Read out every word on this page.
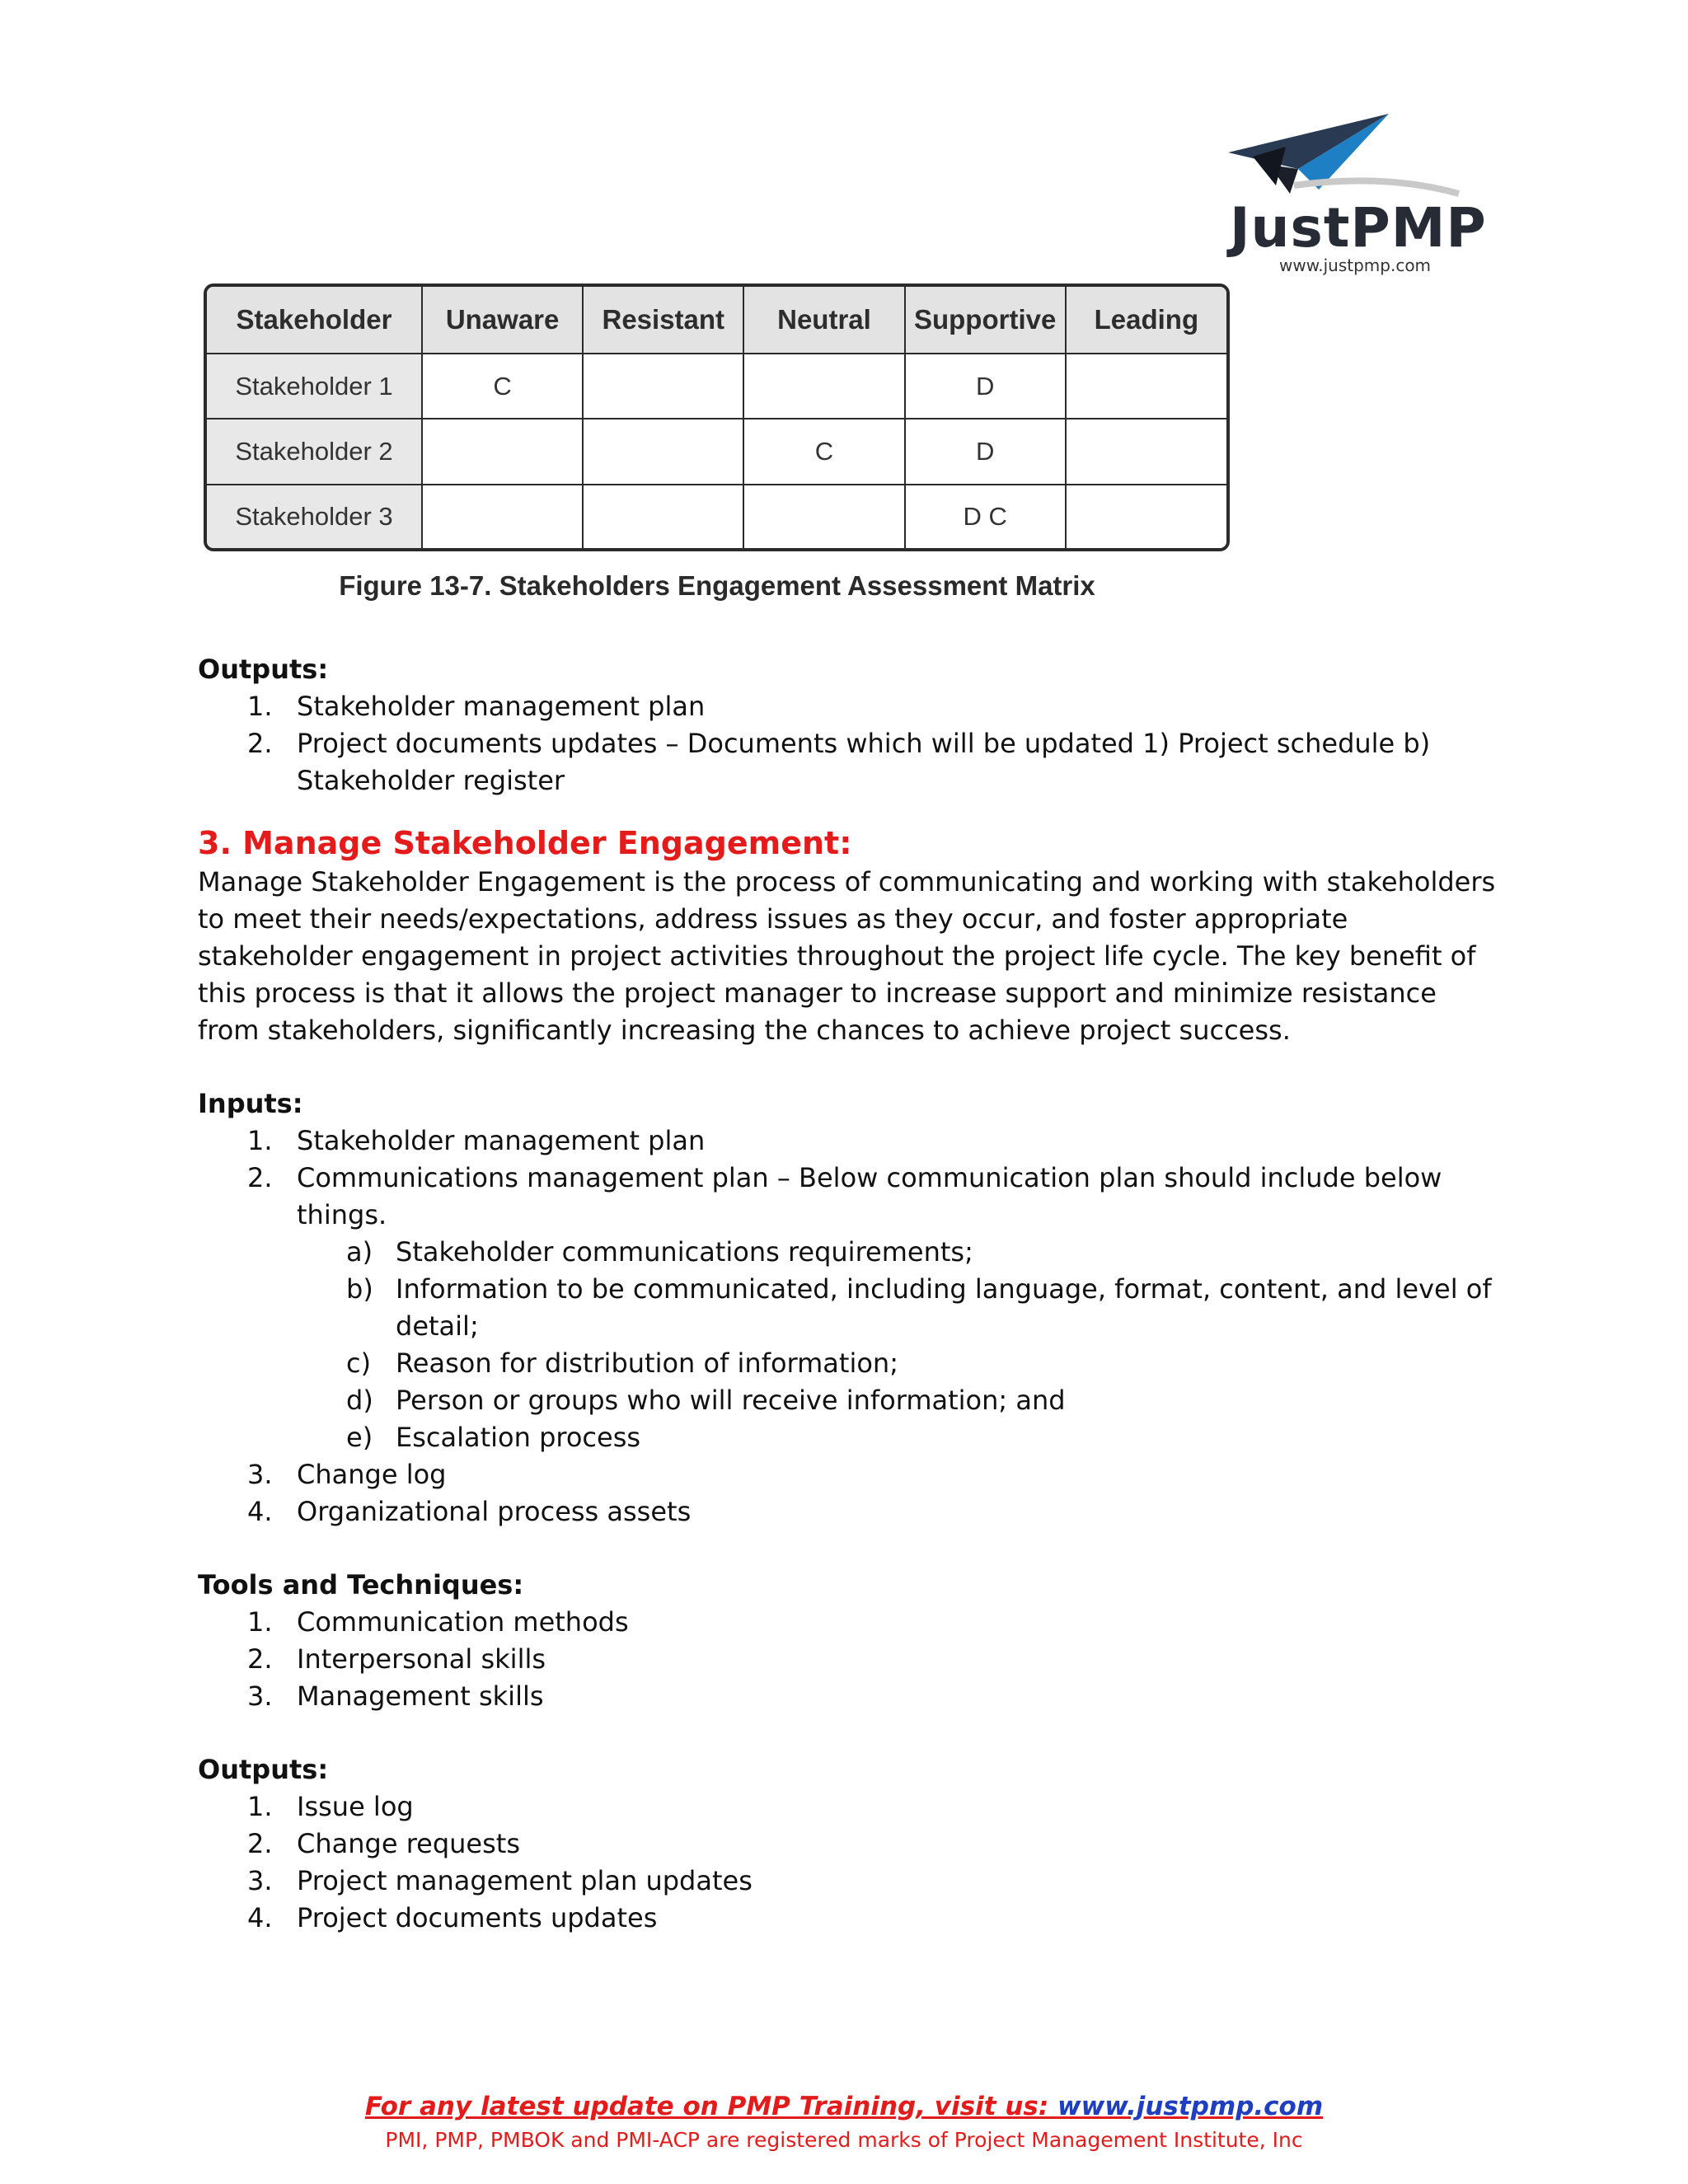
JustPMP
www.justpmp.com
Stakeholder	Unaware	Resistant	Neutral	Supportive	Leading
Stakeholder 1	C			D	
Stakeholder 2			C	D	
Stakeholder 3				D C	
Figure 13-7. Stakeholders Engagement Assessment Matrix
Outputs:
1. Stakeholder management plan
2. Project documents updates – Documents which will be updated 1) Project schedule b) Stakeholder register
3. Manage Stakeholder Engagement:

Manage Stakeholder Engagement is the process of communicating and working with stakeholders to meet their needs/expectations, address issues as they occur, and foster appropriate stakeholder engagement in project activities throughout the project life cycle. The key benefit of this process is that it allows the project manager to increase support and minimize resistance from stakeholders, significantly increasing the chances to achieve project success.

Inputs:
1. Stakeholder management plan
2. Communications management plan – Below communication plan should include below things.
a) Stakeholder communications requirements;
b) Information to be communicated, including language, format, content, and level of detail;
c) Reason for distribution of information;
d) Person or groups who will receive information; and
e) Escalation process
3. Change log
4. Organizational process assets
Tools and Techniques:
1. Communication methods
2. Interpersonal skills
3. Management skills
Outputs:
1. Issue log
2. Change requests
3. Project management plan updates
4. Project documents updates
For any latest update on PMP Training, visit us: www.justpmp.com
PMI, PMP, PMBOK and PMI-ACP are registered marks of Project Management Institute, Inc
